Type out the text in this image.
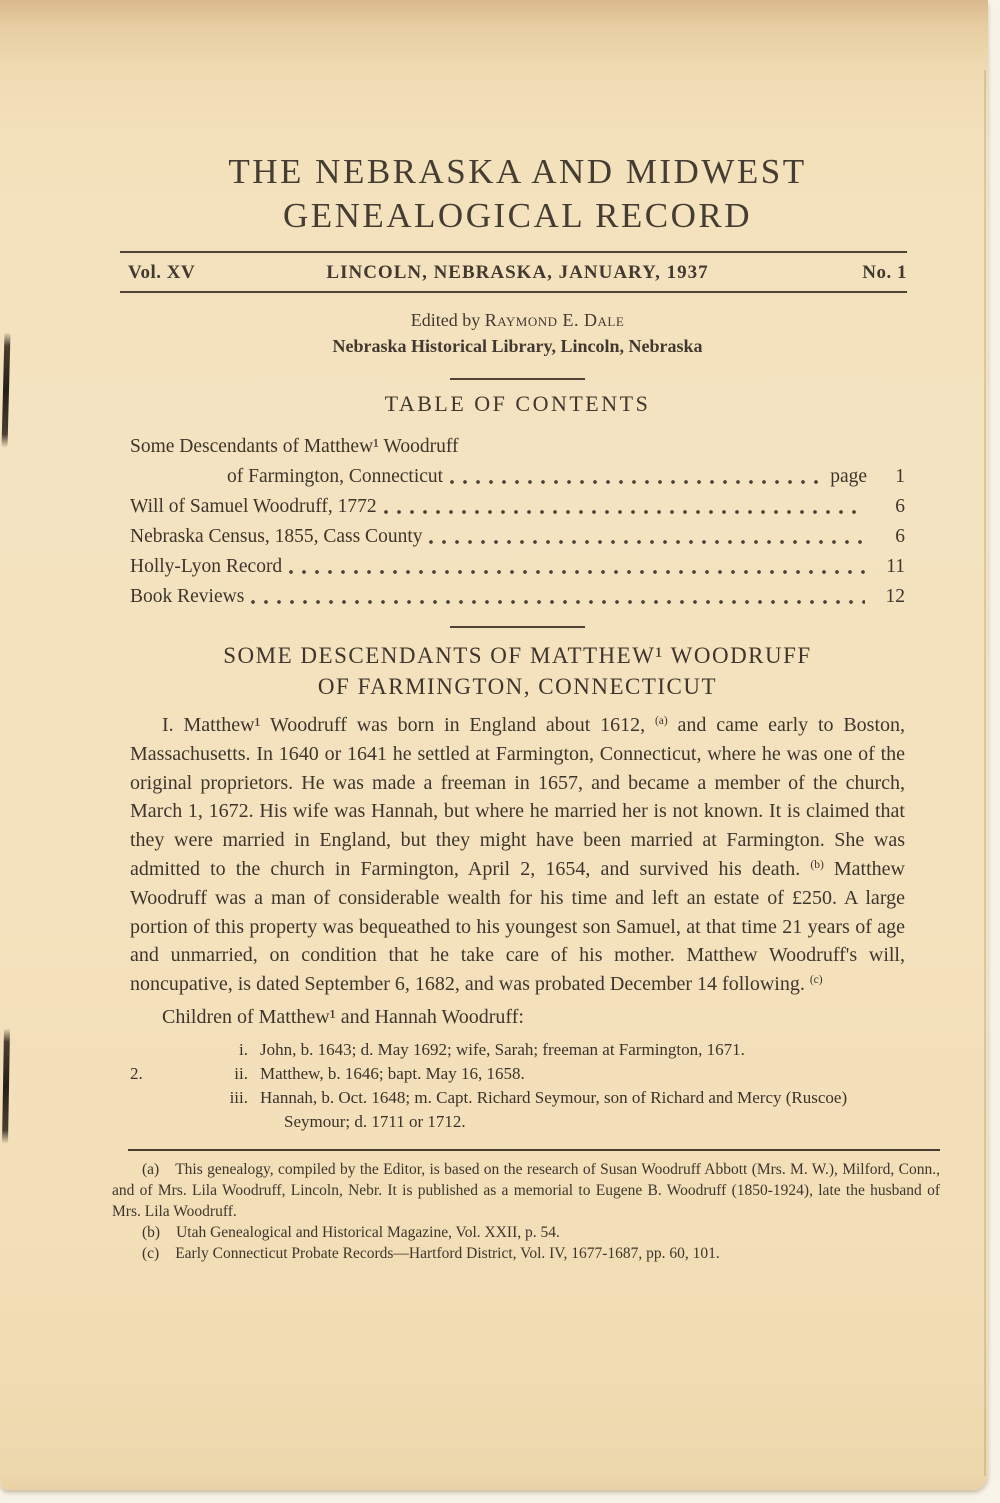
THE NEBRASKA AND MIDWEST
GENEALOGICAL RECORD
Vol. XV	LINCOLN, NEBRASKA, JANUARY, 1937	No. 1
Edited by Raymond E. Dale
Nebraska Historical Library, Lincoln, Nebraska
TABLE OF CONTENTS
Some Descendants of Matthew¹ Woodruff
of Farmington, Connecticut	page	1
Will of Samuel Woodruff, 1772	6
Nebraska Census, 1855, Cass County	6
Holly-Lyon Record	11
Book Reviews	12
SOME DESCENDANTS OF MATTHEW¹ WOODRUFF
OF FARMINGTON, CONNECTICUT
I. Matthew¹ Woodruff was born in England about 1612, $^{(a)}$ and came early to Boston, Massachusetts. In 1640 or 1641 he settled at Farmington, Connecticut, where he was one of the original proprietors. He was made a freeman in 1657, and became a member of the church, March 1, 1672. His wife was Hannah, but where he married her is not known. It is claimed that they were married in England, but they might have been married at Farmington. She was admitted to the church in Farmington, April 2, 1654, and survived his death. $^{(b)}$ Matthew Woodruff was a man of considerable wealth for his time and left an estate of £250. A large portion of this property was bequeathed to his youngest son Samuel, at that time 21 years of age and unmarried, on condition that he take care of his mother. Matthew Woodruff's will, noncupative, is dated September 6, 1682, and was probated December 14 following. $^{(c)}$
Children of Matthew¹ and Hannah Woodruff:
i. John, b. 1643; d. May 1692; wife, Sarah; freeman at Farmington, 1671.
2.	ii. Matthew, b. 1646; bapt. May 16, 1658.
iii. Hannah, b. Oct. 1648; m. Capt. Richard Seymour, son of Richard and Mercy (Ruscoe) Seymour; d. 1711 or 1712.

(a) This genealogy, compiled by the Editor, is based on the research of Susan Woodruff Abbott (Mrs. M. W.), Milford, Conn., and of Mrs. Lila Woodruff, Lincoln, Nebr. It is published as a memorial to Eugene B. Woodruff (1850-1924), late the husband of Mrs. Lila Woodruff.

(b) Utah Genealogical and Historical Magazine, Vol. XXII, p. 54.

(c) Early Connecticut Probate Records—Hartford District, Vol. IV, 1677-1687, pp. 60, 101.
